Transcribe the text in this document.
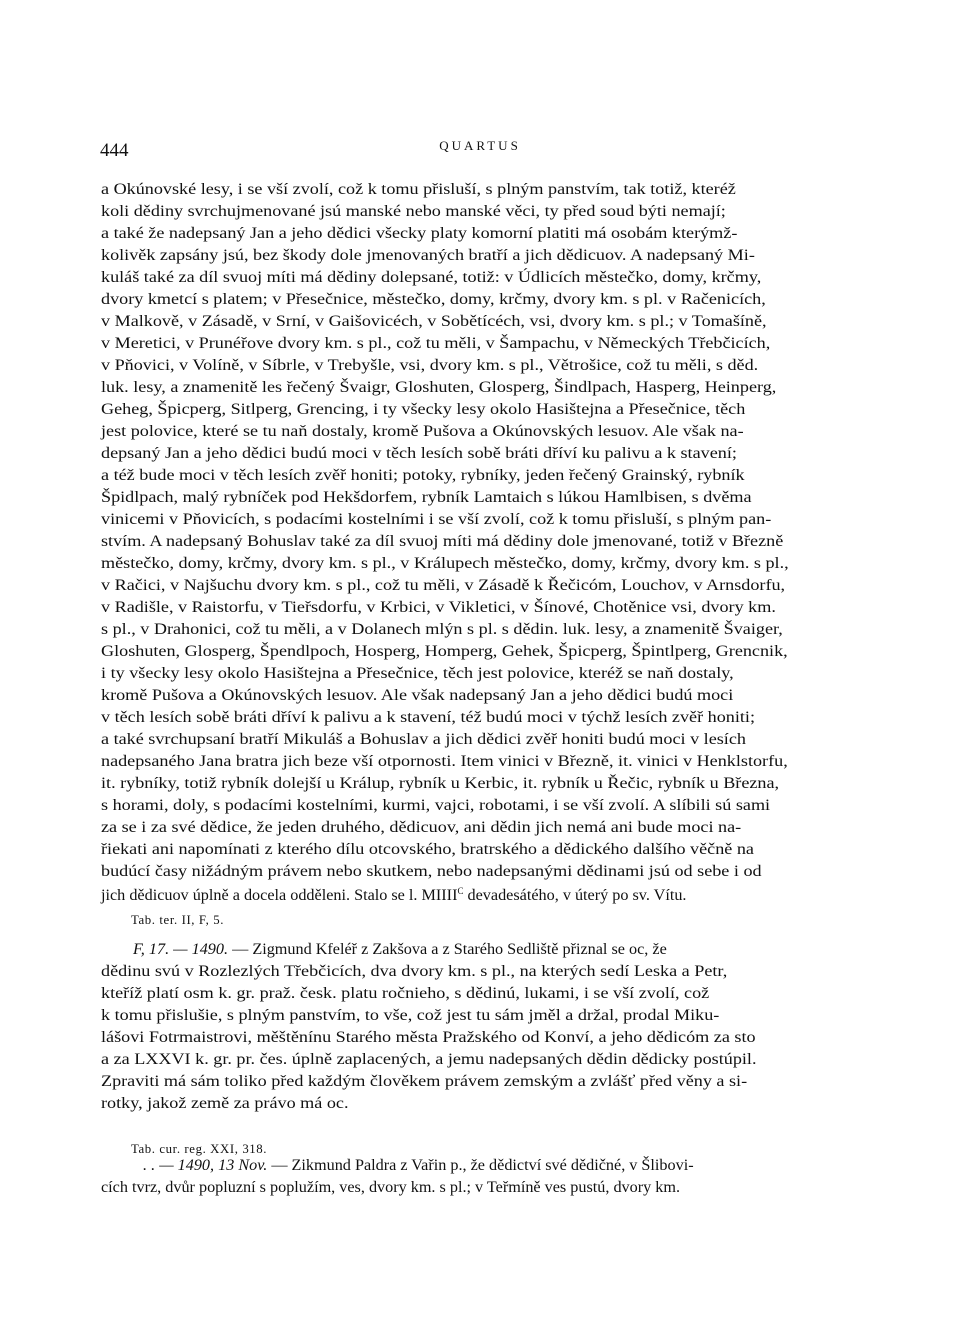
444	QUARTUS
a Okúnovské lesy, i se vší zvolí, což k tomu přisluší, s plným panstvím, tak totiž, kteréž
koli dědiny svrchujmenované jsú manské nebo manské věci, ty před soud býti nemají;
a také že nadepsaný Jan a jeho dědici všecky platy komorní platiti má osobám kterýmž-
kolivěk zapsány jsú, bez škody dole jmenovaných bratří a jich dědicuov. A nadepsaný Mi-
kuláš také za díl svuoj míti má dědiny dolepsané, totiž: v Údlicích městečko, domy, krčmy,
dvory kmetcí s platem; v Přesečnice, městečko, domy, krčmy, dvory km. s pl. v Račenicích,
v Malkově, v Zásadě, v Srní, v Gaišovicéch, v Sobětícéch, vsi, dvory km. s pl.; v Tomašíně,
v Meretici, v Prunéřove dvory km. s pl., což tu měli, v Šampachu, v Německých Třebčicích,
v Pňovici, v Volíně, v Síbrle, v Trebyšle, vsi, dvory km. s pl., Větrošice, což tu měli, s děd.
luk. lesy, a znamenitě les řečený Švaigr, Gloshuten, Glosperg, Šindlpach, Hasperg, Heinperg,
Geheg, Špicperg, Sitlperg, Grencing, i ty všecky lesy okolo Hasištejna a Přesečnice, těch
jest polovice, které se tu naň dostaly, kromě Pušova a Okúnovských lesuov. Ale však na-
depsaný Jan a jeho dědici budú moci v těch lesích sobě bráti dříví ku palivu a k stavení;
a též bude moci v těch lesích zvěř honiti; potoky, rybníky, jeden řečený Grainský, rybník
Špidlpach, malý rybníček pod Hekšdorfem, rybník Lamtaich s lúkou Hamlbisen, s dvěma
vinicemi v Pňovicích, s podacími kostelními i se vší zvolí, což k tomu přisluší, s plným pan-
stvím. A nadepsaný Bohuslav také za díl svuoj míti má dědiny dole jmenované, totiž v Březně
městečko, domy, krčmy, dvory km. s pl., v Králupech městečko, domy, krčmy, dvory km. s pl.,
v Račici, v Najšuchu dvory km. s pl., což tu měli, v Zásadě k Řečicóm, Louchov, v Arnsdorfu,
v Radišle, v Raistorfu, v Tieřsdorfu, v Krbici, v Vikletici, v Šínové, Chotěnice vsi, dvory km.
s pl., v Drahonici, což tu měli, a v Dolanech mlýn s pl. s dědin. luk. lesy, a znamenitě Švaiger,
Gloshuten, Glosperg, Špendlpoch, Hosperg, Homperg, Gehek, Špicperg, Špintlperg, Grencnik,
i ty všecky lesy okolo Hasištejna a Přesečnice, těch jest polovice, kteréž se naň dostaly,
kromě Pušova a Okúnovských lesuov. Ale však nadepsaný Jan a jeho dědici budú moci
v těch lesích sobě bráti dříví k palivu a k stavení, též budú moci v týchž lesích zvěř honiti;
a také svrchupsaní bratří Mikuláš a Bohuslav a jich dědici zvěř honiti budú moci v lesích
nadepsaného Jana bratra jich beze vší otpornosti. Item vinici v Březně, it. vinici v Henklstorfu,
it. rybníky, totiž rybník dolejší u Králup, rybník u Kerbic, it. rybník u Řečic, rybník u Března,
s horami, doly, s podacími kostelními, kurmi, vajci, robotami, i se vší zvolí. A slíbili sú sami
za se i za své dědice, že jeden druhého, dědicuov, ani dědin jich nemá ani bude moci na-
řiekati ani napomínati z kterého dílu otcovského, bratrského a dědického dalšího věčně na
budúcí časy nižádným právem nebo skutkem, nebo nadepsanými dědinami jsú od sebe i od
jich dědicuov úplně a docela odděleni. Stalo se l. $MIIII^C$ devadesátého, v úterý po sv. Vítu.
Tab. ter. II, F, 5.
F, 17. — 1490. — Zigmund Kfeléř z Zakšova a z Starého Sedliště přiznal se oc, že
dědinu svú v Rozlezlých Třebčicích, dva dvory km. s pl., na kterých sedí Leska a Petr,
kteříž platí osm k. gr. praž. česk. platu ročnieho, s dědinú, lukami, i se vší zvolí, což
k tomu přislušie, s plným panstvím, to vše, což jest tu sám jměl a držal, prodal Miku-
lášovi Fotrmaistrovi, měštěnínu Starého města Pražského od Konví, a jeho dědicóm za sto
a za LXXVI k. gr. pr. čes. úplně zaplacených, a jemu nadepsaných dědin dědicky postúpil.
Zpraviti má sám toliko před každým člověkem právem zemským a zvlášť před věny a si-
rotky, jakož země za právo má oc.
Tab. cur. reg. XXI, 318.
. . — 1490, 13 Nov. — Zikmund Paldra z Vařin p., že dědictví své dědičné, v Šlibovi-
cích tvrz, dvůr popluzní s poplužím, ves, dvory km. s pl.; v Teřmíně ves pustú, dvory km.
